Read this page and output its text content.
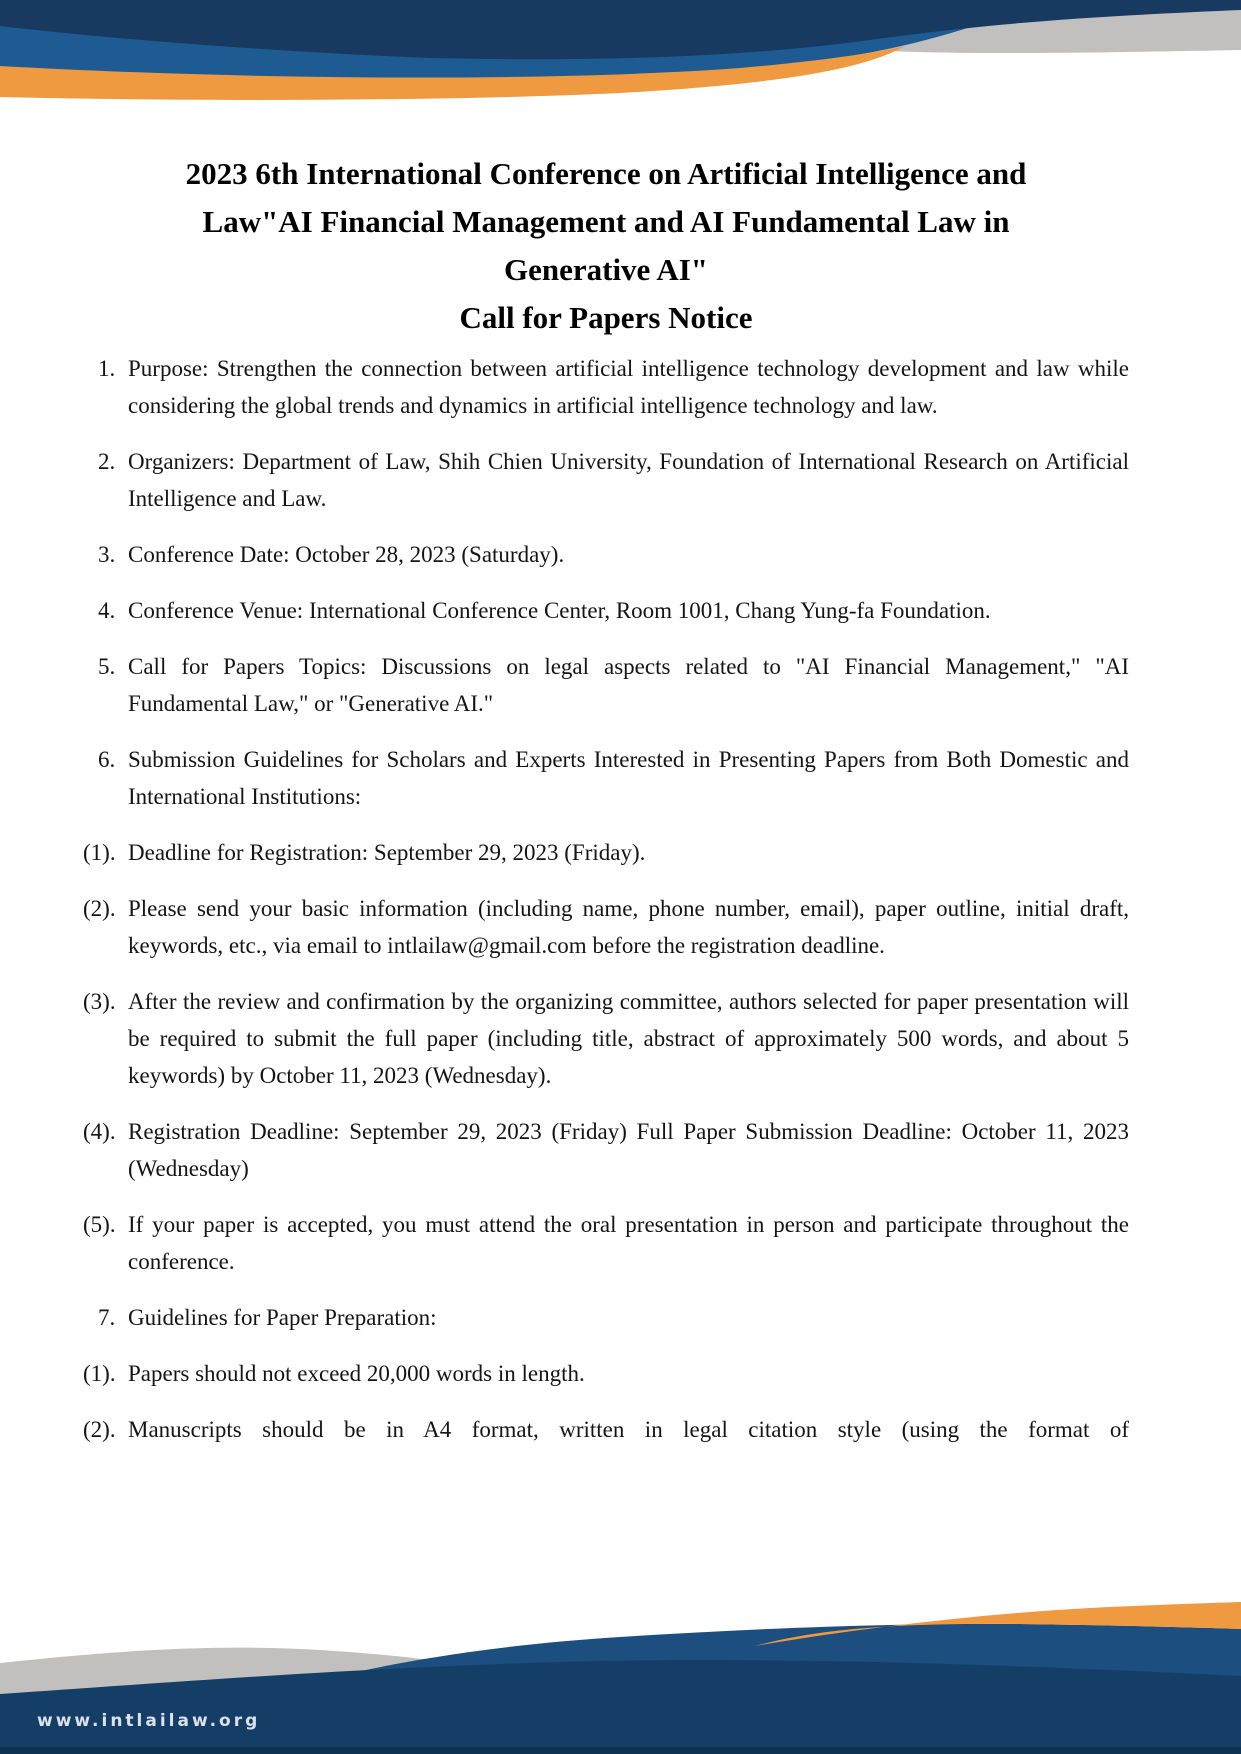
2023 6th International Conference on Artificial Intelligence and
Law"AI Financial Management and AI Fundamental Law in
Generative AI"
Call for Papers Notice
1. Purpose: Strengthen the connection between artificial intelligence technology development and law while considering the global trends and dynamics in artificial intelligence technology and law.
2. Organizers: Department of Law, Shih Chien University, Foundation of International Research on Artificial Intelligence and Law.
3. Conference Date: October 28, 2023 (Saturday).
4. Conference Venue: International Conference Center, Room 1001, Chang Yung-fa Foundation.
5. Call for Papers Topics: Discussions on legal aspects related to "AI Financial Management," "AI Fundamental Law," or "Generative AI."
6. Submission Guidelines for Scholars and Experts Interested in Presenting Papers from Both Domestic and International Institutions:
(1). Deadline for Registration: September 29, 2023 (Friday).
(2). Please send your basic information (including name, phone number, email), paper outline, initial draft, keywords, etc., via email to intlailaw@gmail.com before the registration deadline.
(3). After the review and confirmation by the organizing committee, authors selected for paper presentation will be required to submit the full paper (including title, abstract of approximately 500 words, and about 5 keywords) by October 11, 2023 (Wednesday).
(4). Registration Deadline: September 29, 2023 (Friday) Full Paper Submission Deadline: October 11, 2023 (Wednesday)
(5). If your paper is accepted, you must attend the oral presentation in person and participate throughout the conference.
7. Guidelines for Paper Preparation:
(1). Papers should not exceed 20,000 words in length.
(2). Manuscripts should be in A4 format, written in legal citation style (using the format of
www.intlailaw.org
